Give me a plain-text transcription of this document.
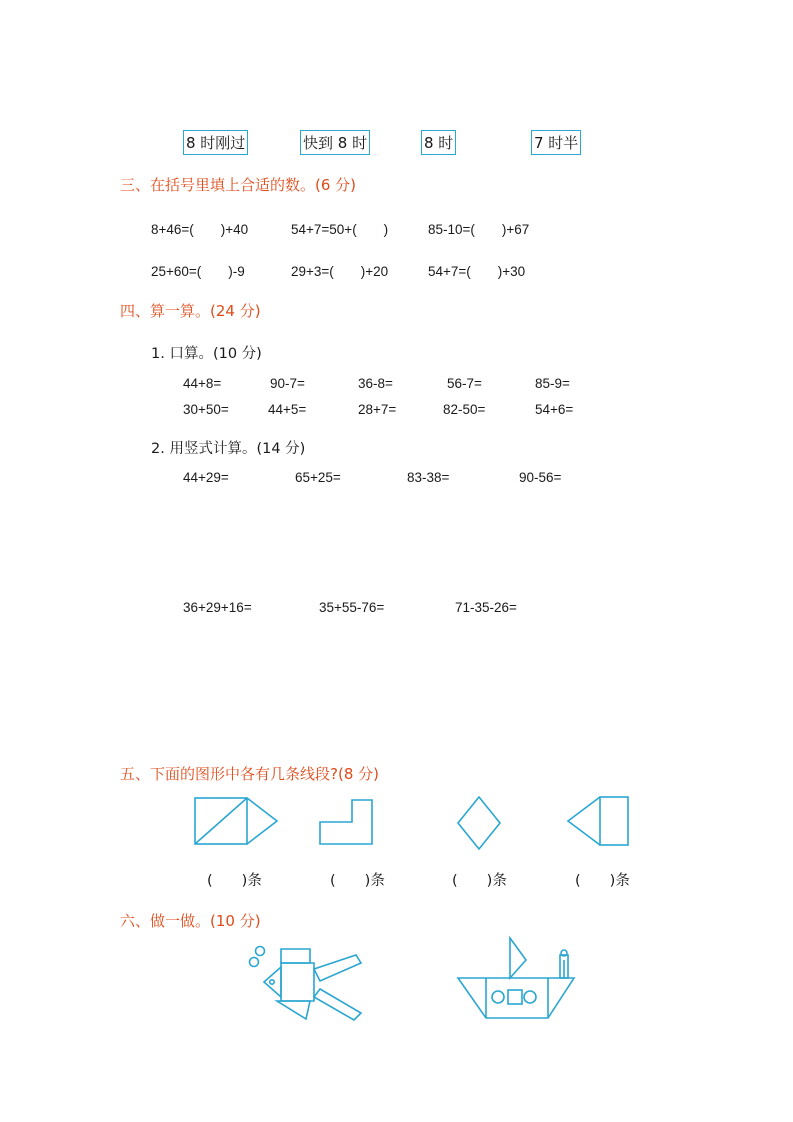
8 时刚过	快到 8 时	8 时	7 时半
三、在括号里填上合适的数。(6 分)
8+46=(　　)+40	54+7=50+(　　)	85-10=(　　)+67
25+60=(　　)-9	29+3=(　　)+20	54+7=(　　)+30
四、算一算。(24 分)
1. 口算。(10 分)
44+8=	90-7=	36-8=	56-7=	85-9=
30+50=	44+5=	28+7=	82-50=	54+6=
2. 用竖式计算。(14 分)
44+29=	65+25=	83-38=	90-56=
36+29+16=	35+55-76=	71-35-26=
五、下面的图形中各有几条线段?(8 分)
(　　)条	(　　)条	(　　)条	(　　)条
六、做一做。(10 分)
